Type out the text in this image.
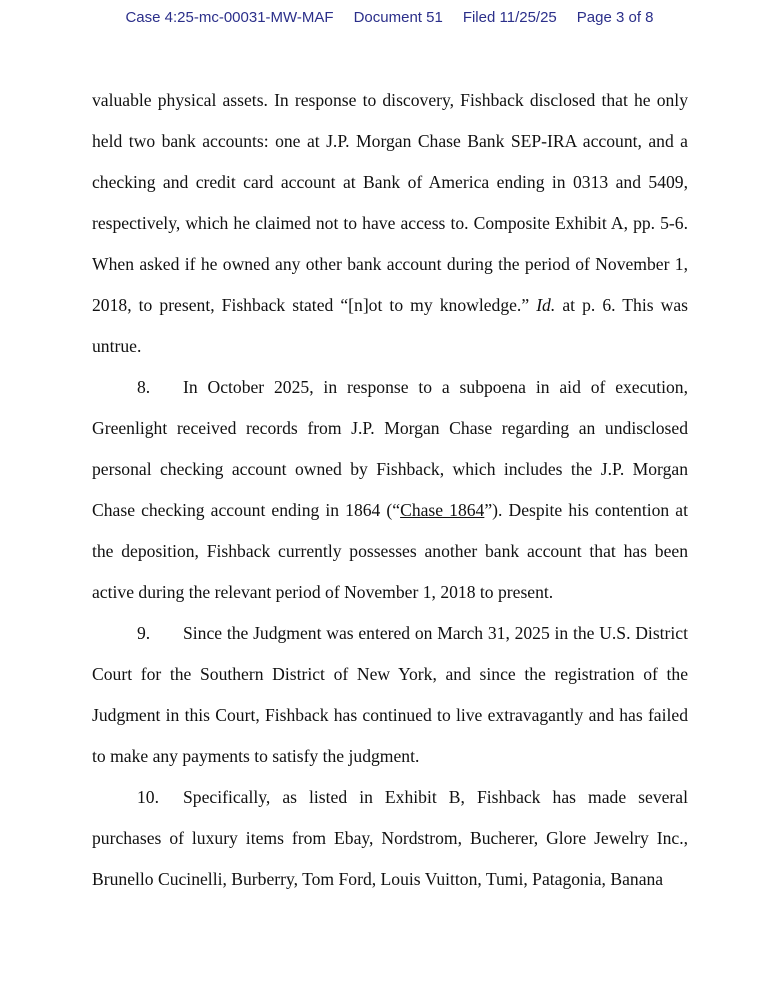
Case 4:25-mc-00031-MW-MAF Document 51 Filed 11/25/25 Page 3 of 8

valuable physical assets. In response to discovery, Fishback disclosed that he only held two bank accounts: one at J.P. Morgan Chase Bank SEP-IRA account, and a checking and credit card account at Bank of America ending in 0313 and 5409, respectively, which he claimed not to have access to. Composite Exhibit A, pp. 5-6. When asked if he owned any other bank account during the period of November 1, 2018, to present, Fishback stated “[n]ot to my knowledge.” Id. at p. 6. This was untrue.

8. In October 2025, in response to a subpoena in aid of execution, Greenlight received records from J.P. Morgan Chase regarding an undisclosed personal checking account owned by Fishback, which includes the J.P. Morgan Chase checking account ending in 1864 (“Chase 1864”). Despite his contention at the deposition, Fishback currently possesses another bank account that has been active during the relevant period of November 1, 2018 to present.

9. Since the Judgment was entered on March 31, 2025 in the U.S. District Court for the Southern District of New York, and since the registration of the Judgment in this Court, Fishback has continued to live extravagantly and has failed to make any payments to satisfy the judgment.

10. Specifically, as listed in Exhibit B, Fishback has made several purchases of luxury items from Ebay, Nordstrom, Bucherer, Glore Jewelry Inc., Brunello Cucinelli, Burberry, Tom Ford, Louis Vuitton, Tumi, Patagonia, Banana
